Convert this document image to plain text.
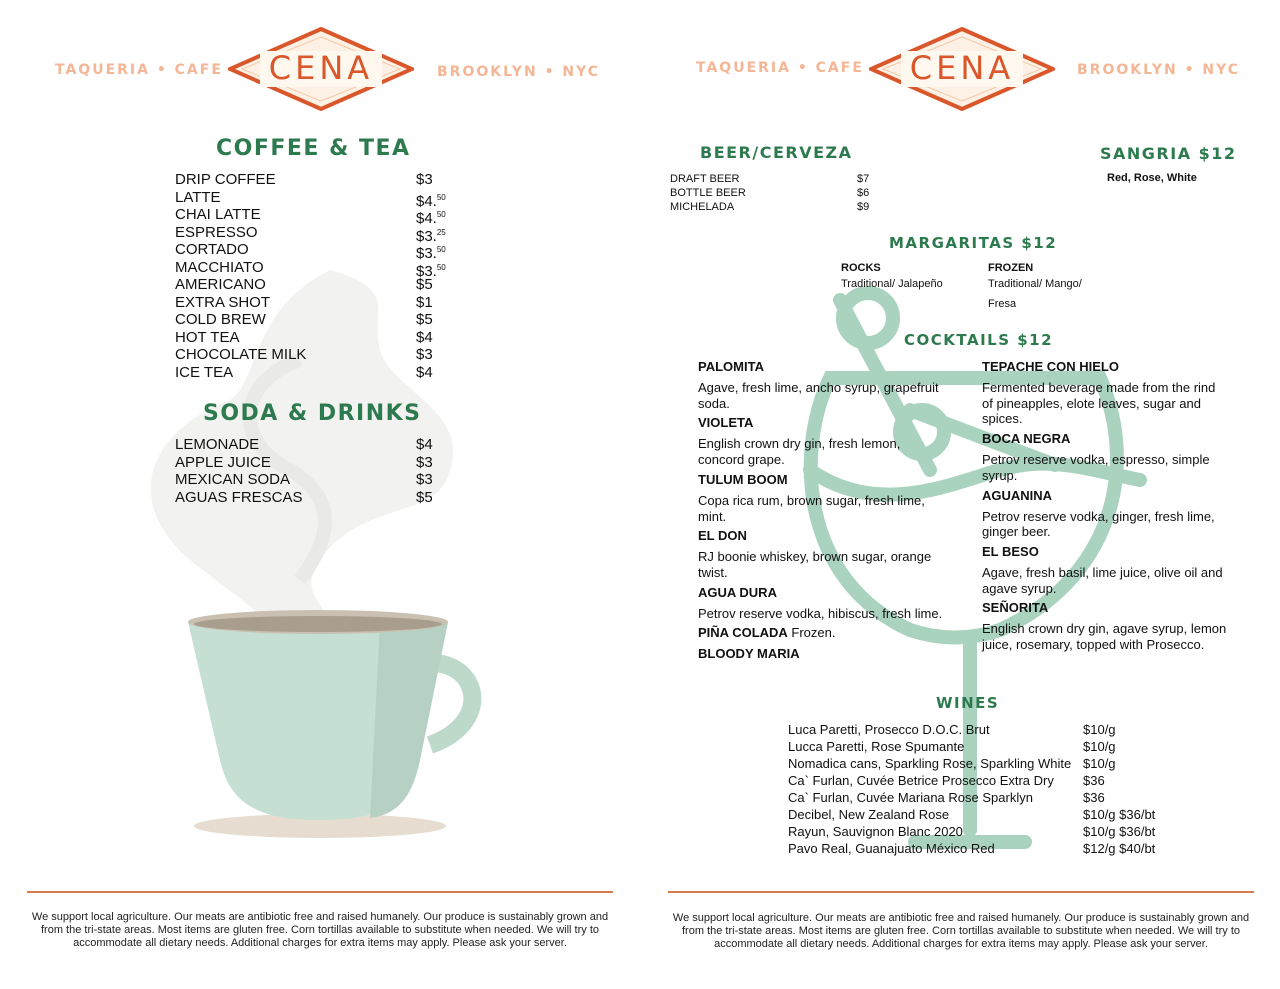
TAQUERIA • CAFE	CENA	BROOKLYN • NYC
COFFEE & TEA
DRIP COFFEE	$3
LATTE	$4.50
CHAI LATTE	$4.50
ESPRESSO	$3.25
CORTADO	$3.50
MACCHIATO	$3.50
AMERICANO	$5
EXTRA SHOT	$1
COLD BREW	$5
HOT TEA	$4
CHOCOLATE MILK	$3
ICE TEA	$4
SODA & DRINKS
LEMONADE	$4
APPLE JUICE	$3
MEXICAN SODA	$3
AGUAS FRESCAS	$5
We support local agriculture. Our meats are antibiotic free and raised humanely. Our produce is sustainably grown and from the tri-state areas. Most items are gluten free. Corn tortillas available to substitute when needed. We will try to accommodate all dietary needs. Additional charges for extra items may apply. Please ask your server.
TAQUERIA • CAFE	CENA	BROOKLYN • NYC
BEER/CERVEZA
DRAFT BEER	$7
BOTTLE BEER	$6
MICHELADA	$9
SANGRIA $12
Red, Rose, White
MARGARITAS $12
ROCKS
Traditional/ Jalapeño
FROZEN
Traditional/ Mango/
Fresa
COCKTAILS $12
PALOMITA
Agave, fresh lime, ancho syrup, grapefruit
soda.
VIOLETA
English crown dry gin, fresh lemon,
concord grape.
TULUM BOOM
Copa rica rum, brown sugar, fresh lime,
mint.
EL DON
RJ boonie whiskey, brown sugar, orange
twist.
AGUA DURA
Petrov reserve vodka, hibiscus, fresh lime.
PIÑA COLADA Frozen.
BLOODY MARIA
TEPACHE CON HIELO
Fermented beverage made from the rind
of pineapples, elote leaves, sugar and
spices.
BOCA NEGRA
Petrov reserve vodka, espresso, simple
syrup.
AGUANINA
Petrov reserve vodka, ginger, fresh lime,
ginger beer.
EL BESO
Agave, fresh basil, lime juice, olive oil and
agave syrup.
SEÑORITA
English crown dry gin, agave syrup, lemon
juice, rosemary, topped with Prosecco.
WINES
Luca Paretti, Prosecco D.O.C. Brut	$10/g
Lucca Paretti, Rose Spumante	$10/g
Nomadica cans, Sparkling Rose, Sparkling White $10/g
Ca` Furlan, Cuvée Betrice Prosecco Extra Dry $36
Ca` Furlan, Cuvée Mariana Rose Sparklyn	$36
Decibel, New Zealand Rose	$10/g $36/bt
Rayun, Sauvignon Blanc 2020	$10/g $36/bt
Pavo Real, Guanajuato México Red	$12/g $40/bt
We support local agriculture. Our meats are antibiotic free and raised humanely. Our produce is sustainably grown and from the tri-state areas. Most items are gluten free. Corn tortillas available to substitute when needed. We will try to accommodate all dietary needs. Additional charges for extra items may apply. Please ask your server.
